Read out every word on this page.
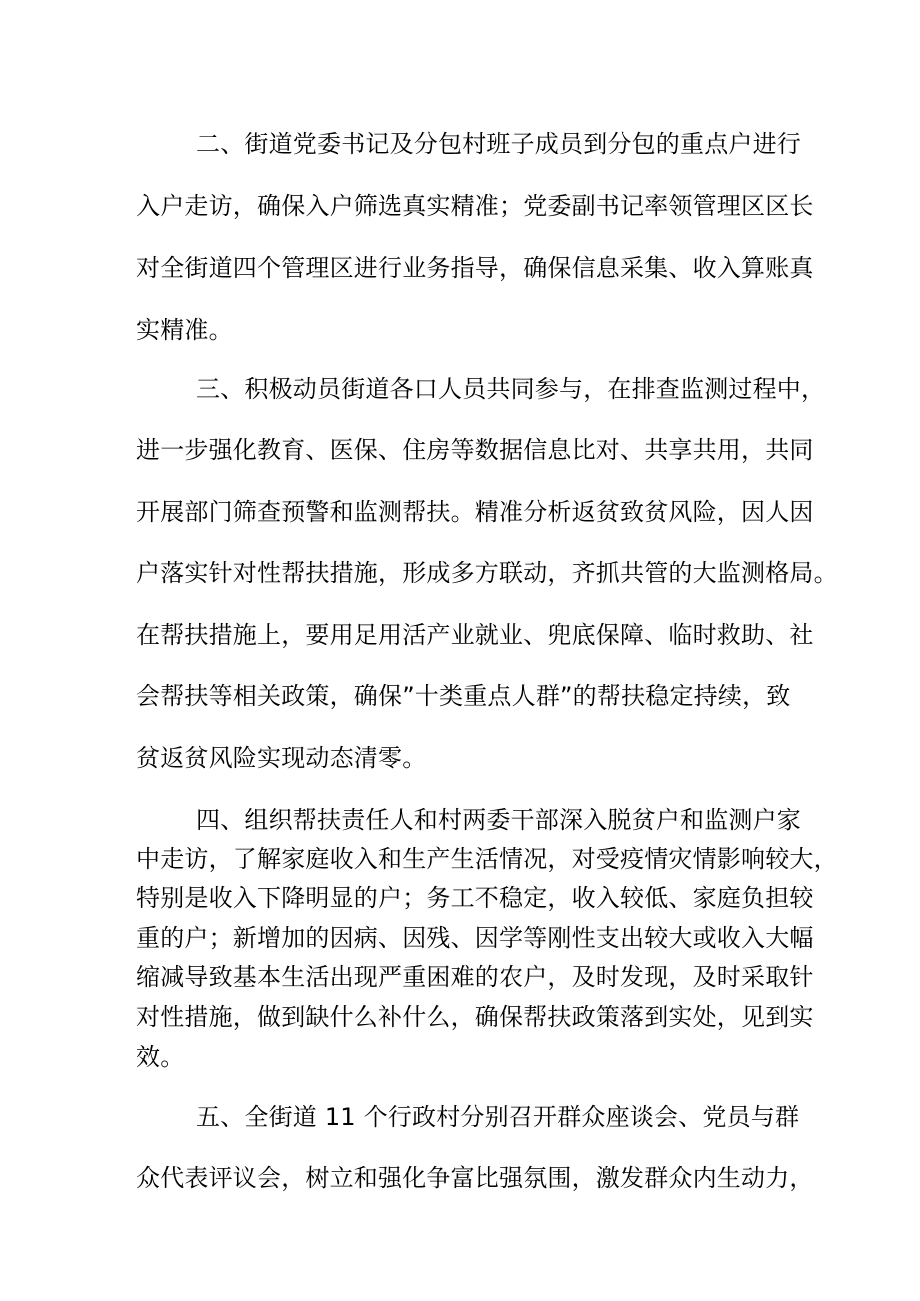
二、街道党委书记及分包村班子成员到分包的重点户进行
入户走访，确保入户筛选真实精准；党委副书记率领管理区区长
对全街道四个管理区进行业务指导，确保信息采集、收入算账真
实精准。
三、积极动员街道各口人员共同参与，在排查监测过程中，
进一步强化教育、医保、住房等数据信息比对、共享共用，共同
开展部门筛查预警和监测帮扶。精准分析返贫致贫风险，因人因
户落实针对性帮扶措施，形成多方联动，齐抓共管的大监测格局。
在帮扶措施上，要用足用活产业就业、兜底保障、临时救助、社
会帮扶等相关政策，确保”十类重点人群”的帮扶稳定持续，致
贫返贫风险实现动态清零。
四、组织帮扶责任人和村两委干部深入脱贫户和监测户家
中走访，了解家庭收入和生产生活情况，对受疫情灾情影响较大，
特别是收入下降明显的户；务工不稳定，收入较低、家庭负担较
重的户；新增加的因病、因残、因学等刚性支出较大或收入大幅
缩减导致基本生活出现严重困难的农户，及时发现，及时采取针
对性措施，做到缺什么补什么，确保帮扶政策落到实处，见到实
效。
五、全街道 11 个行政村分别召开群众座谈会、党员与群
众代表评议会，树立和强化争富比强氛围，激发群众内生动力，
